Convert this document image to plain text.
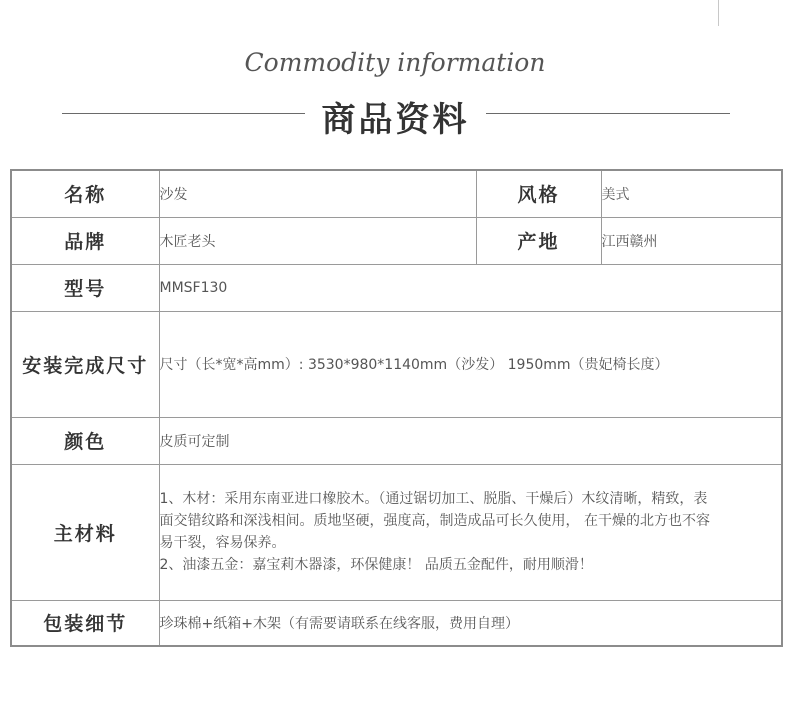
Commodity information
商品资料
名称	沙发	风格	美式
品牌	木匠老头	产地	江西赣州
型号	MMSF130		
安装完成尺寸	尺寸（长*宽*高mm）: 3530*980*1140mm（沙发） 1950mm（贵妃椅长度）		
颜色	皮质可定制		
主材料	1、木材：采用东南亚进口橡胶木。（通过锯切加工、脱脂、干燥后）木纹清晰，精致，表面交错纹路和深浅相间。质地坚硬，强度高，制造成品可长久使用， 在干燥的北方也不容易干裂，容易保养。
2、油漆五金：嘉宝莉木器漆，环保健康！ 品质五金配件，耐用顺滑！		

包装细节	珍珠棉+纸箱+木架（有需要请联系在线客服，费用自理）		
